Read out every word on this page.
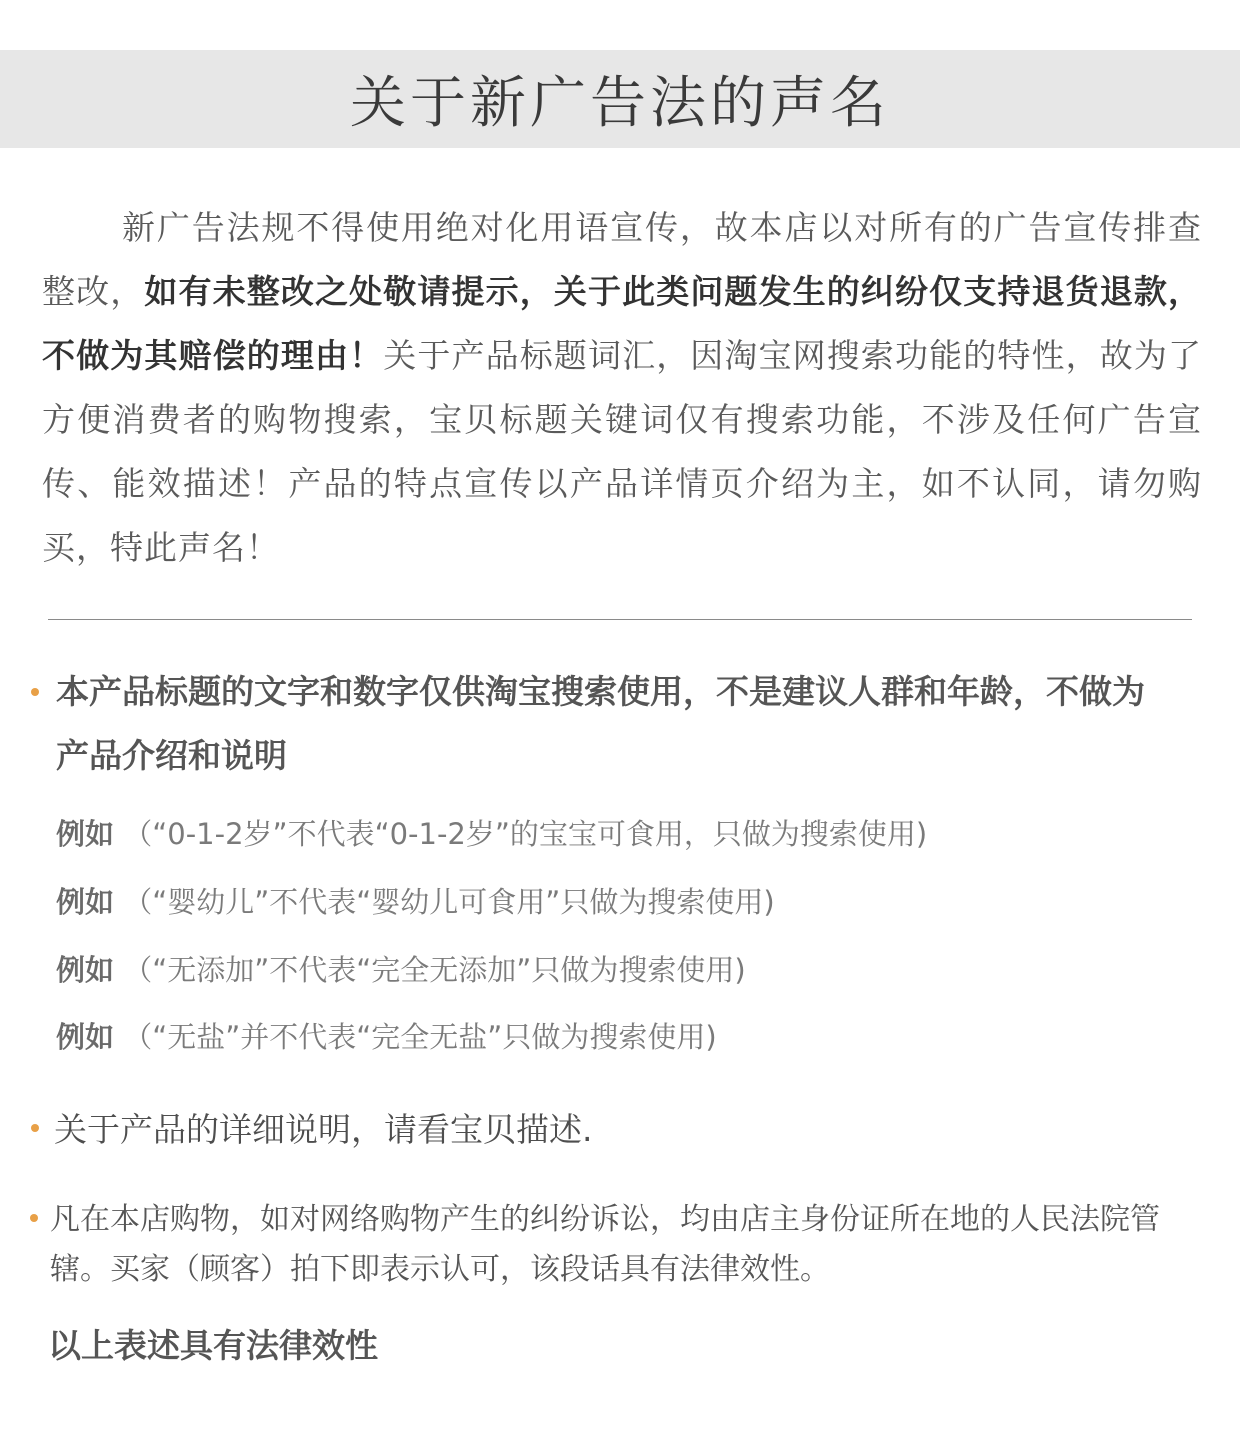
关于新广告法的声名
新广告法规不得使用绝对化用语宣传，故本店以对所有的广告宣传排查整改，如有未整改之处敬请提示，关于此类问题发生的纠纷仅支持退货退款，不做为其赔偿的理由！关于产品标题词汇，因淘宝网搜索功能的特性，故为了方便消费者的购物搜索，宝贝标题关键词仅有搜索功能，不涉及任何广告宣传、能效描述！产品的特点宣传以产品详情页介绍为主，如不认同，请勿购买，特此声名！
本产品标题的文字和数字仅供淘宝搜索使用，不是建议人群和年龄，不做为产品介绍和说明
例如 （“0-1-2岁”不代表“0-1-2岁”的宝宝可食用，只做为搜索使用)
例如 （“婴幼儿”不代表“婴幼儿可食用”只做为搜索使用)
例如 （“无添加”不代表“完全无添加”只做为搜索使用)
例如 （“无盐”并不代表“完全无盐”只做为搜索使用)
关于产品的详细说明，请看宝贝描述.
凡在本店购物，如对网络购物产生的纠纷诉讼，均由店主身份证所在地的人民法院管辖。买家（顾客）拍下即表示认可，该段话具有法律效性。
以上表述具有法律效性
